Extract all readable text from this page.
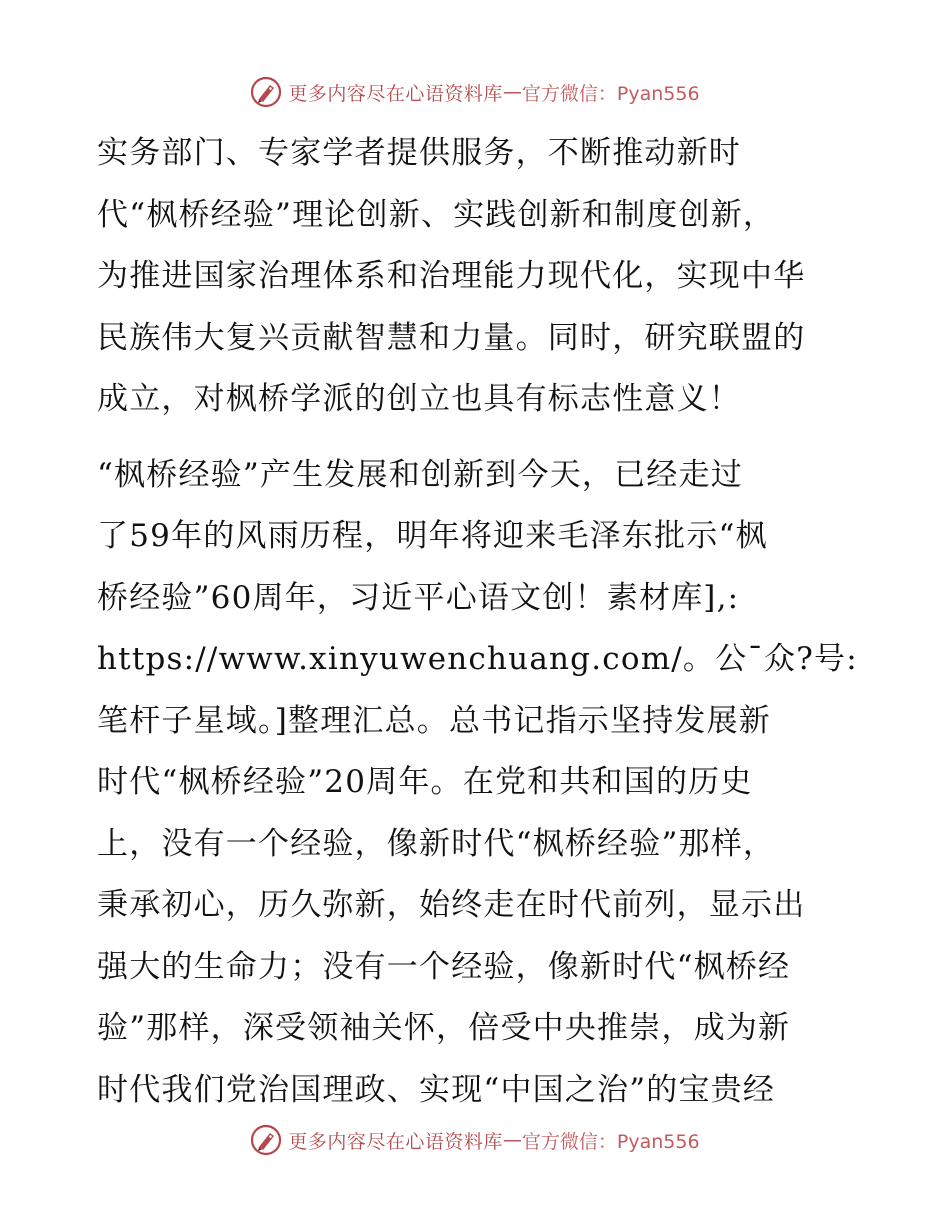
更多内容尽在心语资料库 — 官方微信：Pyan556
实务部门、专家学者提供服务，不断推动新时
代“枫桥经验”理论创新、实践创新和制度创新，
为推进国家治理体系和治理能力现代化，实现中华
民族伟大复兴贡献智慧和力量。同时，研究联盟的
成立，对枫桥学派的创立也具有标志性意义！
“枫桥经验”产生发展和创新到今天，已经走过
了59年的风雨历程，明年将迎来毛泽东批示“枫
桥经验”60周年，习近平心语文创！素材库],:
https://www.xinyuwenchuang.com/。公¯众?号:
笔杆子星域。]整理汇总。总书记指示坚持发展新
时代“枫桥经验”20周年。在党和共和国的历史
上，没有一个经验，像新时代“枫桥经验”那样，
秉承初心，历久弥新，始终走在时代前列，显示出
强大的生命力；没有一个经验，像新时代“枫桥经
验”那样，深受领袖关怀，倍受中央推崇，成为新
时代我们党治国理政、实现“中国之治”的宝贵经
更多内容尽在心语资料库 — 官方微信：Pyan556
